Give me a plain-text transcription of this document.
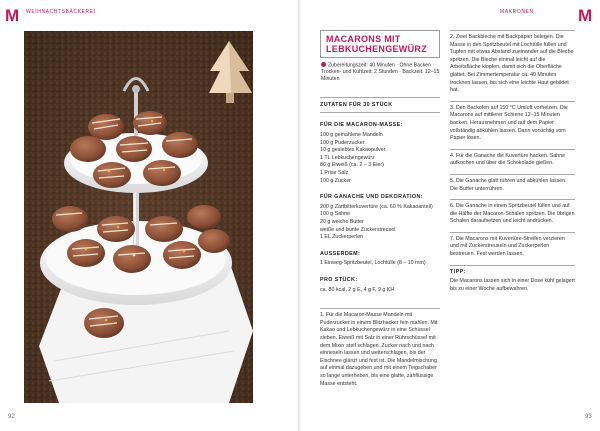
M	M
WEIHNACHTSBÄCKEREI	MAKRONEN
92	93
MACARONS MIT LEBKUCHENGEWÜRZ
Zubereitungszeit: 40 Minuten · Ohne Backen · Trocken- und Kühlzeit: 2 Stunden · Backzeit: 12–15 Minuten
ZUTATEN FÜR 30 STÜCK
FÜR DIE MACARON-MASSE:
100 g gemahlene Mandeln
100 g Puderzucker
10 g gesiebtes Kakaopulver
1 TL Lebkuchengewürz
80 g Eiweiß (ca. 2 – 3 Eier)
1 Prise Salz
100 g Zucker
FÜR GANACHE UND DEKORATION:
200 g Zartbitterkuvertüre (ca. 60 % Kakaoanteil)
100 g Sahne
20 g weiche Butter
weiße und bunte Zuckerstreusel
1 EL Zuckerperlen
AUSSERDEM:
1 Einweg-Spritzbeutel, Lochtülle (8 – 10 mm)
PRO STÜCK:
ca. 80 kcal, 2 g E, 4 g F, 9 g KH
1. Für die Macaron-Masse Mandeln mit Puderzucker in einem Blitzhacker fein mahlen. Mit Kakao und Lebkuchengewürz in eine Schüssel sieben. Eiweiß mit Salz in einer Rührschüssel mit dem Mixer steif schlagen. Zucker nach und nach einrieseln lassen und weiterschlagen, bis der Eischnee glänzt und fest ist. Die Mandelmischung auf einmal dazugeben und mit einem Teigschaber so lange unterheben, bis eine glatte, zähflüssige Masse entsteht.
2. Zwei Backbleche mit Backpapier belegen. Die Masse in den Spritzbeutel mit Lochtülle füllen und Tupfen mit etwas Abstand zueinander auf die Bleche spritzen. Die Bleche einmal leicht auf die Arbeitsfläche klopfen, damit sich die Oberfläche glättet. Bei Zimmertemperatur ca. 40 Minuten trocknen lassen, bis sich eine leichte Haut gebildet hat.
3. Den Backofen auf 150 °C Umluft vorheizen. Die Macarons auf mittlerer Schiene 12–15 Minuten backen. Herausnehmen und auf dem Papier vollständig abkühlen lassen. Dann vorsichtig vom Papier lösen.
4. Für die Ganache die Kuvertüre hacken. Sahne aufkochen und über die Schokolade gießen.
5. Die Ganache glatt rühren und abkühlen lassen. Die Butter unterrühren.
6. Die Ganache in einen Spritzbeutel füllen und auf die Hälfte der Macaron-Schalen spritzen. Die übrigen Schalen daraufsetzen und leicht andrücken.
7. Die Macarons mit Kuvertüre-Streifen verzieren und mit Zuckerstreuseln und Zuckerperlen bestreuen. Fest werden lassen.
TIPP:
Die Macarons lassen sich in einer Dose kühl gelagert bis zu einer Woche aufbewahren.
